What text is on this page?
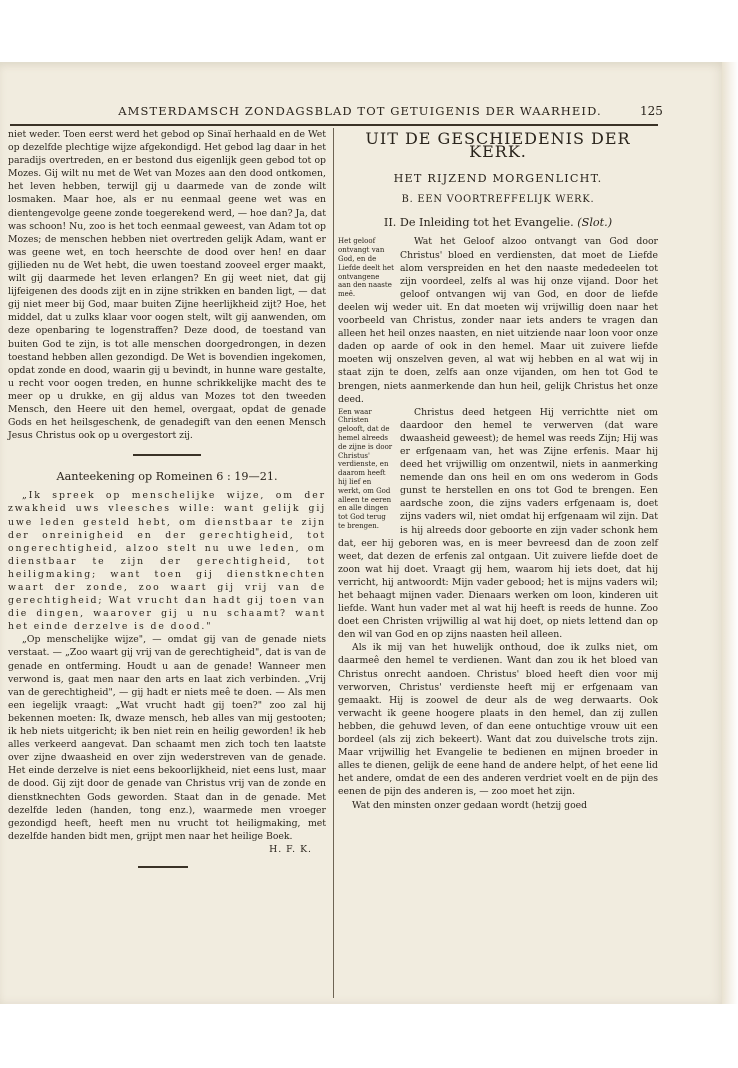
AMSTERDAMSCH ZONDAGSBLAD TOT GETUIGENIS DER WAARHEID.	125

niet weder. Toen eerst werd het gebod op Sinaï herhaald en de Wet op dezelfde plechtige wijze afgekondigd. Het gebod lag daar in het paradijs overtreden, en er bestond dus eigenlijk geen gebod tot op Mozes. Gij wilt nu met de Wet van Mozes aan den dood ontkomen, het leven hebben, terwijl gij u daarmede van de zonde wilt losmaken. Maar hoe, als er nu eenmaal geene wet was en dientengevolge geene zonde toegerekend werd, — hoe dan? Ja, dat was schoon! Nu, zoo is het toch eenmaal geweest, van Adam tot op Mozes; de menschen hebben niet overtreden gelijk Adam, want er was geene wet, en toch heerschte de dood over hen! en daar gijlieden nu de Wet hebt, die uwen toestand zooveel erger maakt, wilt gij daarmede het leven erlangen? En gij weet niet, dat gij lijfeigenen des doods zijt en in zijne strikken en banden ligt, — dat gij niet meer bij God, maar buiten Zijne heerlijkheid zijt? Hoe, het middel, dat u zulks klaar voor oogen stelt, wilt gij aanwenden, om deze openbaring te logenstraffen? Deze dood, de toestand van buiten God te zijn, is tot alle menschen doorgedrongen, in dezen toestand hebben allen gezondigd. De Wet is bovendien ingekomen, opdat zonde en dood, waarin gij u bevindt, in hunne ware gestalte, u recht voor oogen treden, en hunne schrikkelijke macht des te meer op u drukke, en gij aldus van Mozes tot den tweeden Mensch, den Heere uit den hemel, overgaat, opdat de genade Gods en het heilsgeschenk, de genadegift van den eenen Mensch Jesus Christus ook op u overgestort zij.

Aanteekening op Romeinen 6 : 19—21.

„Ik spreek op menschelijke wijze, om der zwakheid uws vleesches wille: want gelijk gij uwe leden gesteld hebt, om dienstbaar te zijn der onreinigheid en der gerechtigheid, tot ongerechtigheid, alzoo stelt nu uwe leden, om dienstbaar te zijn der gerechtigheid, tot heiligmaking; want toen gij dienstknechten waart der zonde, zoo waart gij vrij van de gerechtigheid; Wat vrucht dan hadt gij toen van die dingen, waarover gij u nu schaamt? want het einde derzelve is de dood."

„Op menschelijke wijze", — omdat gij van de genade niets verstaat. — „Zoo waart gij vrij van de gerechtigheid", dat is van de genade en ontferming. Houdt u aan de genade! Wanneer men verwond is, gaat men naar den arts en laat zich verbinden. „Vrij van de gerechtigheid", — gij hadt er niets meê te doen. — Als men een iegelijk vraagt: „Wat vrucht hadt gij toen?" zoo zal hij bekennen moeten: Ik, dwaze mensch, heb alles van mij gestooten; ik heb niets uitgericht; ik ben niet rein en heilig geworden! ik heb alles verkeerd aangevat. Dan schaamt men zich toch ten laatste over zijne dwaasheid en over zijn wederstreven van de genade. Het einde derzelve is niet eens bekoorlijkheid, niet eens lust, maar de dood. Gij zijt door de genade van Christus vrij van de zonde en dienstknechten Gods geworden. Staat dan in de genade. Met dezelfde leden (handen, tong enz.), waarmede men vroeger gezondigd heeft, heeft men nu vrucht tot heiligmaking, met dezelfde handen bidt men, grijpt men naar het heilige Boek.

H. F. K.

UIT DE GESCHIEDENIS DER KERK.
HET RIJZEND MORGENLICHT.
B. EEN VOORTREFFELIJK WERK.
II. De Inleiding tot het Evangelie. (Slot.)
Het geloof ontvangt van God, en de Liefde deelt het ontvangene aan den naaste meê.

Wat het Geloof alzoo ontvangt van God door Christus' bloed en verdiensten, dat moet de Liefde alom verspreiden en het den naaste mededeelen tot zijn voordeel, zelfs al was hij onze vijand. Door het geloof ontvangen wij van God, en door de liefde deelen wij weder uit. En dat moeten wij vrijwillig doen naar het voorbeeld van Christus, zonder naar iets anders te vragen dan alleen het heil onzes naasten, en niet uitziende naar loon voor onze daden op aarde of ook in den hemel. Maar uit zuivere liefde moeten wij onszelven geven, al wat wij hebben en al wat wij in staat zijn te doen, zelfs aan onze vijanden, om hen tot God te brengen, niets aanmerkende dan hun heil, gelijk Christus het onze deed.

Een waar Christen gelooft, dat de hemel alreeds de zijne is door Christus' verdienste, en daarom heeft hij lief en werkt, om God alleen te eeren en alle dingen tot God terug te brengen.

Christus deed hetgeen Hij verrichtte niet om daardoor den hemel te verwerven (dat ware dwaasheid geweest); de hemel was reeds Zijn; Hij was er erfgenaam van, het was Zijne erfenis. Maar hij deed het vrijwillig om onzentwil, niets in aanmerking nemende dan ons heil en om ons wederom in Gods gunst te herstellen en ons tot God te brengen. Een aardsche zoon, die zijns vaders erfgenaam is, doet zijns vaders wil, niet omdat hij erfgenaam wil zijn. Dat is hij alreeds door geboorte en zijn vader schonk hem dat, eer hij geboren was, en is meer bevreesd dan de zoon zelf weet, dat dezen de erfenis zal ontgaan. Uit zuivere liefde doet de zoon wat hij doet. Vraagt gij hem, waarom hij iets doet, dat hij verricht, hij antwoordt: Mijn vader gebood; het is mijns vaders wil; het behaagt mijnen vader. Dienaars werken om loon, kinderen uit liefde. Want hun vader met al wat hij heeft is reeds de hunne. Zoo doet een Christen vrijwillig al wat hij doet, op niets lettend dan op den wil van God en op zijns naasten heil alleen.

Als ik mij van het huwelijk onthoud, doe ik zulks niet, om daarmeê den hemel te verdienen. Want dan zou ik het bloed van Christus onrecht aandoen. Christus' bloed heeft dien voor mij verworven, Christus' verdienste heeft mij er erfgenaam van gemaakt. Hij is zoowel de deur als de weg derwaarts. Ook verwacht ik geene hoogere plaats in den hemel, dan zij zullen hebben, die gehuwd leven, of dan eene ontuchtige vrouw uit een bordeel (als zij zich bekeert). Want dat zou duivelsche trots zijn. Maar vrijwillig het Evangelie te bedienen en mijnen broeder in alles te dienen, gelijk de eene hand de andere helpt, of het eene lid het andere, omdat de een des anderen verdriet voelt en de pijn des eenen de pijn des anderen is, — zoo moet het zijn.

Wat den minsten onzer gedaan wordt (hetzij goed
